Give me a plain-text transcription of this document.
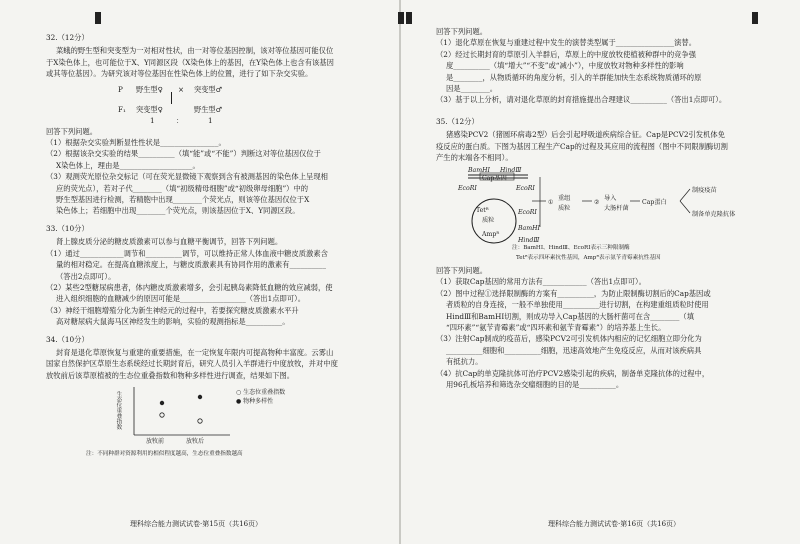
32.（12分）

菜蛾的野生型和突变型为一对相对性状，由一对等位基因控制，该对等位基因可能仅位

于X染色体上，也可能位于X、Y同源区段（X染色体上的基因，在Y染色体上也含有该基因

或其等位基因）。为研究该对等位基因在性染色体上的位置，进行了如下杂交实验。

P 野生型♀ × 突变型♂
F₁ 突变型♀	野生型♂
1	：	1

回答下列问题。

（1）根据杂交实验判断显性性状是________________。

（2）根据该杂交实验的结果__________（填“能”或“不能”）判断这对等位基因仅位于

X染色体上，理由是____________________。

（3）观测荧光原位杂交标记（可在荧光显微镜下观察到含有被测基因的染色体上呈现相

应的荧光点），若对子代________（填“初级精母细胞”或“初级卵母细胞”）中的

野生型基因进行检测，若精胞中出现________个荧光点，则该等位基因仅位于X

染色体上；若细胞中出现________个荧光点，则该基因位于X、Y同源区段。

33.（10分）

肾上腺皮质分泌的糖皮质激素可以参与血糖平衡调节，回答下列问题。

（1）通过____________调节和__________调节，可以维持正常人体血液中糖皮质激素含

量的相对稳定。在提高血糖浓度上，与糖皮质激素具有协同作用的激素有__________

（答出2点即可）。

（2）某些2型糖尿病患者，体内糖皮质激素增多，会引起胰岛素降低血糖的效应减弱，使

进入组织细胞的血糖减少的原因可能是__________________（答出1点即可）。

（3）神经干细胞增殖分化为新生神经元的过程中，若要探究糖皮质激素水平升

高对糖尿病大鼠海马区神经发生的影响，实验的观测指标是__________。

34.（10分）

封育是退化草原恢复与重建的重要措施，在一定恢复年限内可提高物种丰富度。云雾山

国家自然保护区草原生态系统经过长期封育后，研究人员引入羊群进行中度放牧，并对中度

放牧前后该草原植被的生态位重叠指数和物种多样性进行调查，结果如下图。

生态位重叠指数
放牧前	放牧后
○ 生态位重叠指数
● 物种多样性

注：不同种群对资源利用的相似程度越高，生态位重叠指数越高

理科综合能力测试试卷·第15页（共16页）

回答下列问题。

（1）退化草原在恢复与重建过程中发生的演替类型属于________________演替。

（2）经过长期封育的草原引入羊群后，草原上的中度放牧使植被种群中的竞争强

度__________（填“增大”“不变”或“减小”），中度放牧对物种多样性的影响

是________，从物质循环的角度分析，引入的羊群能加快生态系统物质循环的原

因是________。

（3）基于以上分析，请对退化草原的封育措施提出合理建议__________（答出1点即可）。

35.（12分）

猪感染PCV2（猪圆环病毒2型）后会引起呼吸道疾病综合征。Cap是PCV2引发机体免

疫反应的蛋白质。下图为基因工程生产Cap的过程及其应用的流程图（图中不同限制酶切割

产生的末端各不相同）。

BamHⅠ HindⅢ
Cap基因
EcoRⅠ	EcoRⅠ
质粒
Tetᴿ
Ampᴿ
EcoRⅠ
BamHⅠ
HindⅢ
①
重组
质粒
②
导入
大肠杆菌
Cap蛋白
制疫疫苗
制备单克隆抗体
注：BamHⅠ、HindⅢ、EcoRⅠ表示三种限制酶

Tetᴿ表示四环素抗性基因，Ampᴿ表示氨苄青霉素抗性基因

回答下列问题。

（1）获取Cap基因的常用方法有____________（答出1点即可）。

（2）图中过程①选择限制酶的方案有__________，为防止限制酶切割后的Cap基因或

者质粒的自身连接，一般不单独使用__________进行切割，在构建重组质粒时使用

HindⅢ和BamHⅠ切割，则成功导入Cap基因的大肠杆菌可在含________（填

“四环素”“氨苄青霉素”或“四环素和氨苄青霉素”）的培养基上生长。

（3）注射Cap制成的疫苗后，感染PCV2可引发机体内相应的记忆细胞立即分化为

__________细胞和__________细胞，迅速高效地产生免疫反应，从而对该疾病具

有抵抗力。

（4）抗Cap的单克隆抗体可治疗PCV2感染引起的疾病，制备单克隆抗体的过程中，

用96孔板培养和筛选杂交瘤细胞的目的是__________。

理科综合能力测试试卷·第16页（共16页）
